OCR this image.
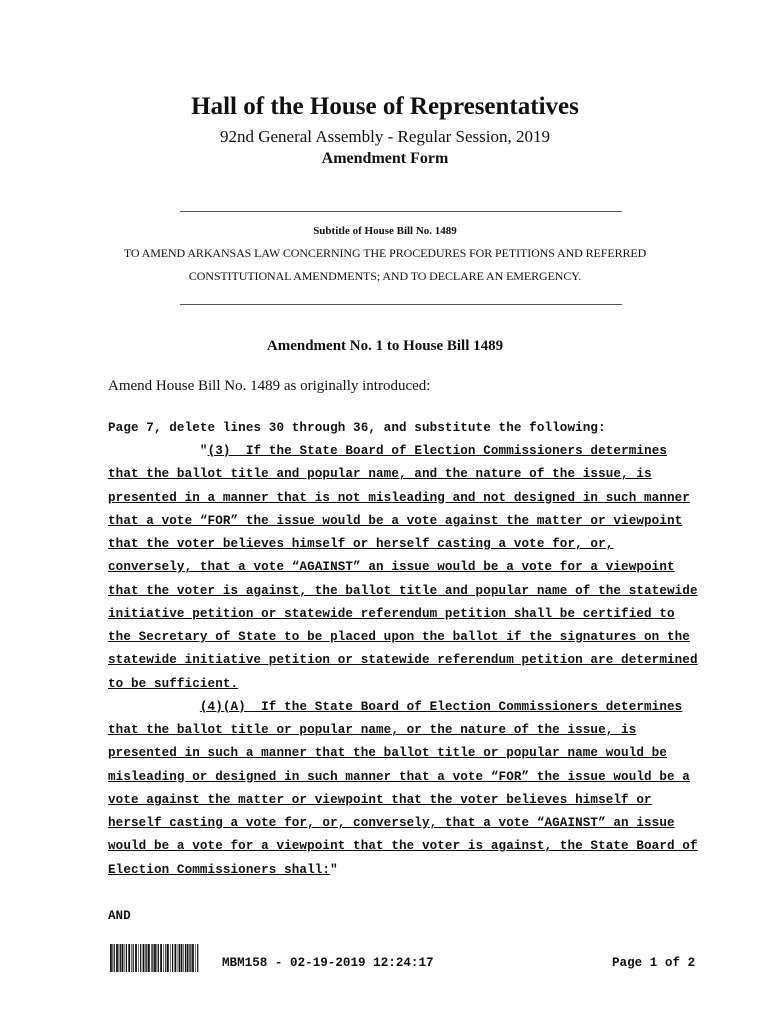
Hall of the House of Representatives
92nd General Assembly - Regular Session, 2019
Amendment Form
Subtitle of House Bill No. 1489
TO AMEND ARKANSAS LAW CONCERNING THE PROCEDURES FOR PETITIONS AND REFERRED
CONSTITUTIONAL AMENDMENTS; AND TO DECLARE AN EMERGENCY.
Amendment No. 1 to House Bill 1489
Amend House Bill No. 1489 as originally introduced:
Page 7, delete lines 30 through 36, and substitute the following:
"(3)  If the State Board of Election Commissioners determines
that the ballot title and popular name, and the nature of the issue, is
presented in a manner that is not misleading and not designed in such manner
that a vote “FOR” the issue would be a vote against the matter or viewpoint
that the voter believes himself or herself casting a vote for, or,
conversely, that a vote “AGAINST” an issue would be a vote for a viewpoint
that the voter is against, the ballot title and popular name of the statewide
initiative petition or statewide referendum petition shall be certified to
the Secretary of State to be placed upon the ballot if the signatures on the
statewide initiative petition or statewide referendum petition are determined
to be sufficient.
(4)(A)  If the State Board of Election Commissioners determines
that the ballot title or popular name, or the nature of the issue, is
presented in such a manner that the ballot title or popular name would be
misleading or designed in such manner that a vote “FOR” the issue would be a
vote against the matter or viewpoint that the voter believes himself or
herself casting a vote for, or, conversely, that a vote “AGAINST” an issue
would be a vote for a viewpoint that the voter is against, the State Board of
Election Commissioners shall:"
AND
MBM158 - 02-19-2019 12:24:17	Page 1 of 2
